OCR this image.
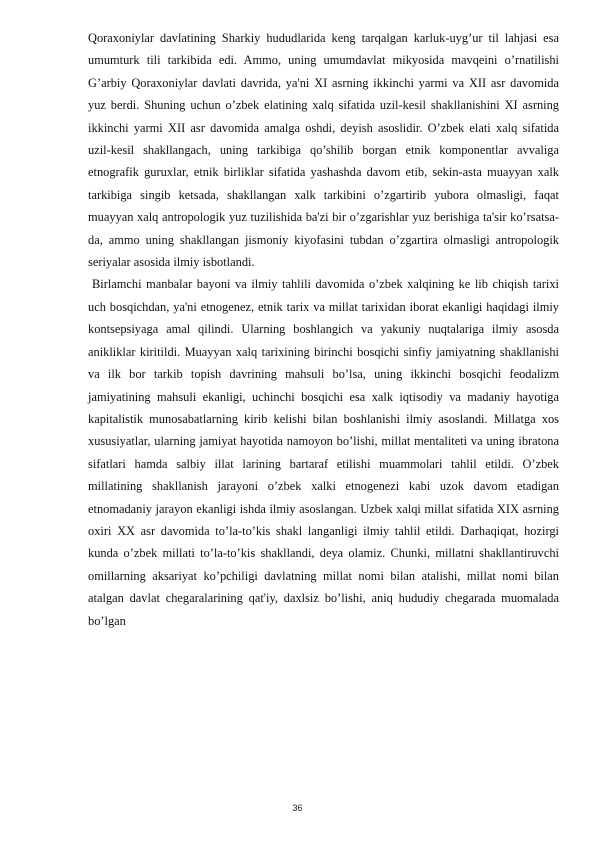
Qoraxoniylar davlatining Sharkiy hududlarida keng tarqalgan karluk-uyg’ur til lahjasi esa umumturk tili tarkibida edi. Ammo, uning umumdavlat mikyosida mavqeini o’rnatilishi G’arbiy Qoraxoniylar davlati davrida, ya'ni XI asrning ikkinchi yarmi va XII asr davomida yuz berdi. Shuning uchun o’zbek elatining xalq sifatida uzil-kesil shakllanishini XI asrning ikkinchi yarmi XII asr davomida amalga oshdi, deyish asoslidir. O’zbek elati xalq sifatida uzil-kesil shakllangach, uning tarkibiga qo’shilib borgan etnik komponentlar avvaliga etnografik guruxlar, etnik birliklar sifatida yashashda davom etib, sekin-asta muayyan xalk tarkibiga singib ketsada, shakllangan xalk tarkibini o’zgartirib yubora olmasligi, faqat muayyan xalq antropologik yuz tuzilishida ba'zi bir o’zgarishlar yuz berishiga ta'sir ko’rsatsa-da, ammo uning shakllangan jismoniy kiyofasini tubdan o’zgartira olmasligi antropologik seriyalar asosida ilmiy isbotlandi.

Birlamchi manbalar bayoni va ilmiy tahlili davomida o’zbek xalqining ke lib chiqish tarixi uch bosqichdan, ya'ni etnogenez, etnik tarix va millat tarixidan iborat ekanligi haqidagi ilmiy kontsepsiyaga amal qilindi. Ularning boshlangich va yakuniy nuqtalariga ilmiy asosda anikliklar kiritildi. Muayyan xalq tarixining birinchi bosqichi sinfiy jamiyatning shakllanishi va ilk bor tarkib topish davrining mahsuli bo’lsa, uning ikkinchi bosqichi feodalizm jamiyatining mahsuli ekanligi, uchinchi bosqichi esa xalk iqtisodiy va madaniy hayotiga kapitalistik munosabatlarning kirib kelishi bilan boshlanishi ilmiy asoslandi. Millatga xos xususiyatlar, ularning jamiyat hayotida namoyon bo’lishi, millat mentaliteti va uning ibratona sifatlari hamda salbiy illat larining bartaraf etilishi muammolari tahlil etildi. O’zbek millatining shakllanish jarayoni o’zbek xalki etnogenezi kabi uzok davom etadigan etnomadaniy jarayon ekanligi ishda ilmiy asoslangan. Uzbek xalqi millat sifatida XIX asrning oxiri XX asr davomida to’la-to’kis shakl langanligi ilmiy tahlil etildi. Darhaqiqat, hozirgi kunda o’zbek millati to’la-to’kis shakllandi, deya olamiz. Chunki, millatni shakllantiruvchi omillarning aksariyat ko’pchiligi davlatning millat nomi bilan atalishi, millat nomi bilan atalgan davlat chegaralarining qat'iy, daxlsiz bo’lishi, aniq hududiy chegarada muomalada bo’lgan

36
